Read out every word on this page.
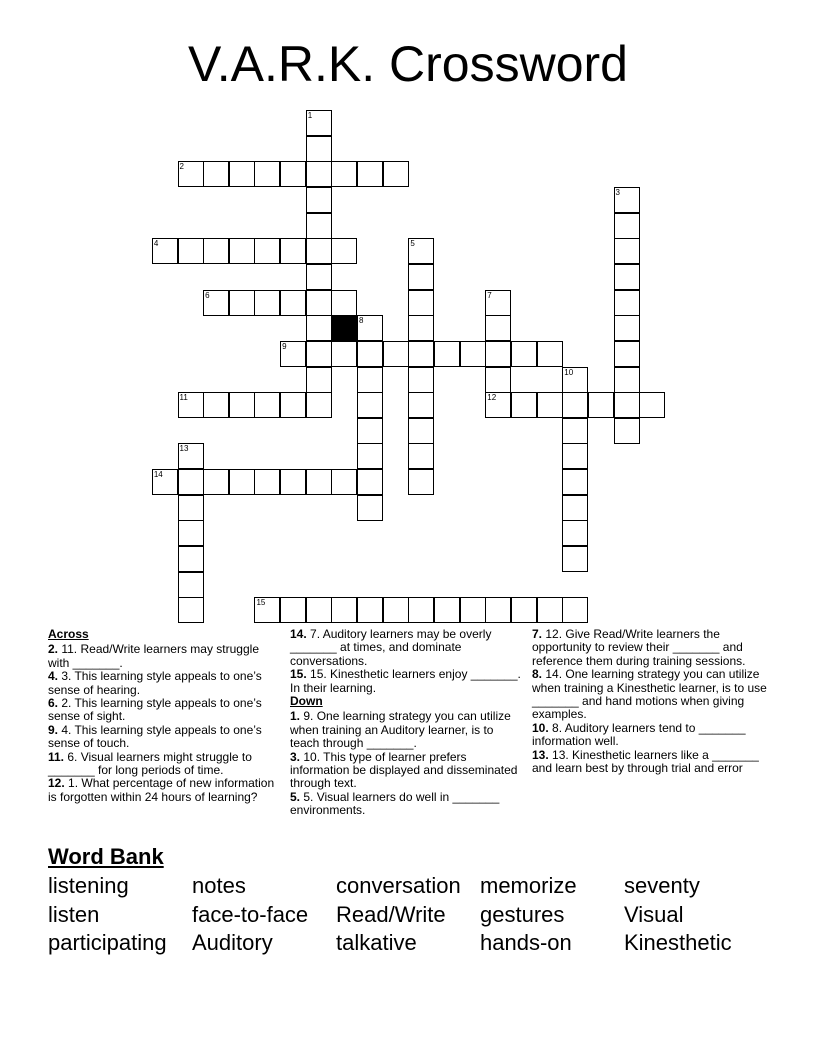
V.A.R.K. Crossword
2
4
6
9
11	12
14
15
1
3
5
7
8
10
13
Across
2. 11. Read/Write learners may struggle with _______.
4. 3. This learning style appeals to one’s sense of hearing.
6. 2. This learning style appeals to one’s sense of sight.
9. 4. This learning style appeals to one’s sense of touch.
11. 6. Visual learners might struggle to _______ for long periods of time.
12. 1. What percentage of new information is forgotten within 24 hours of learning?
14. 7. Auditory learners may be overly _______ at times, and dominate conversations.
15. 15. Kinesthetic learners enjoy _______. In their learning.
Down
1. 9. One learning strategy you can utilize when training an Auditory learner, is to teach through _______.
3. 10. This type of learner prefers information be displayed and disseminated through text.
5. 5. Visual learners do well in _______ environments.
7. 12. Give Read/Write learners the opportunity to review their _______ and reference them during training sessions.
8. 14. One learning strategy you can utilize when training a Kinesthetic learner, is to use _______ and hand motions when giving examples.
10. 8. Auditory learners tend to _______ information well.
13. 13. Kinesthetic learners like a _______ and learn best by through trial and error
Word Bank
listening	notes	conversation memorize	seventy
listen	face-to-face	Read/Write	gestures	Visual
participating	Auditory	talkative	hands-on	Kinesthetic
